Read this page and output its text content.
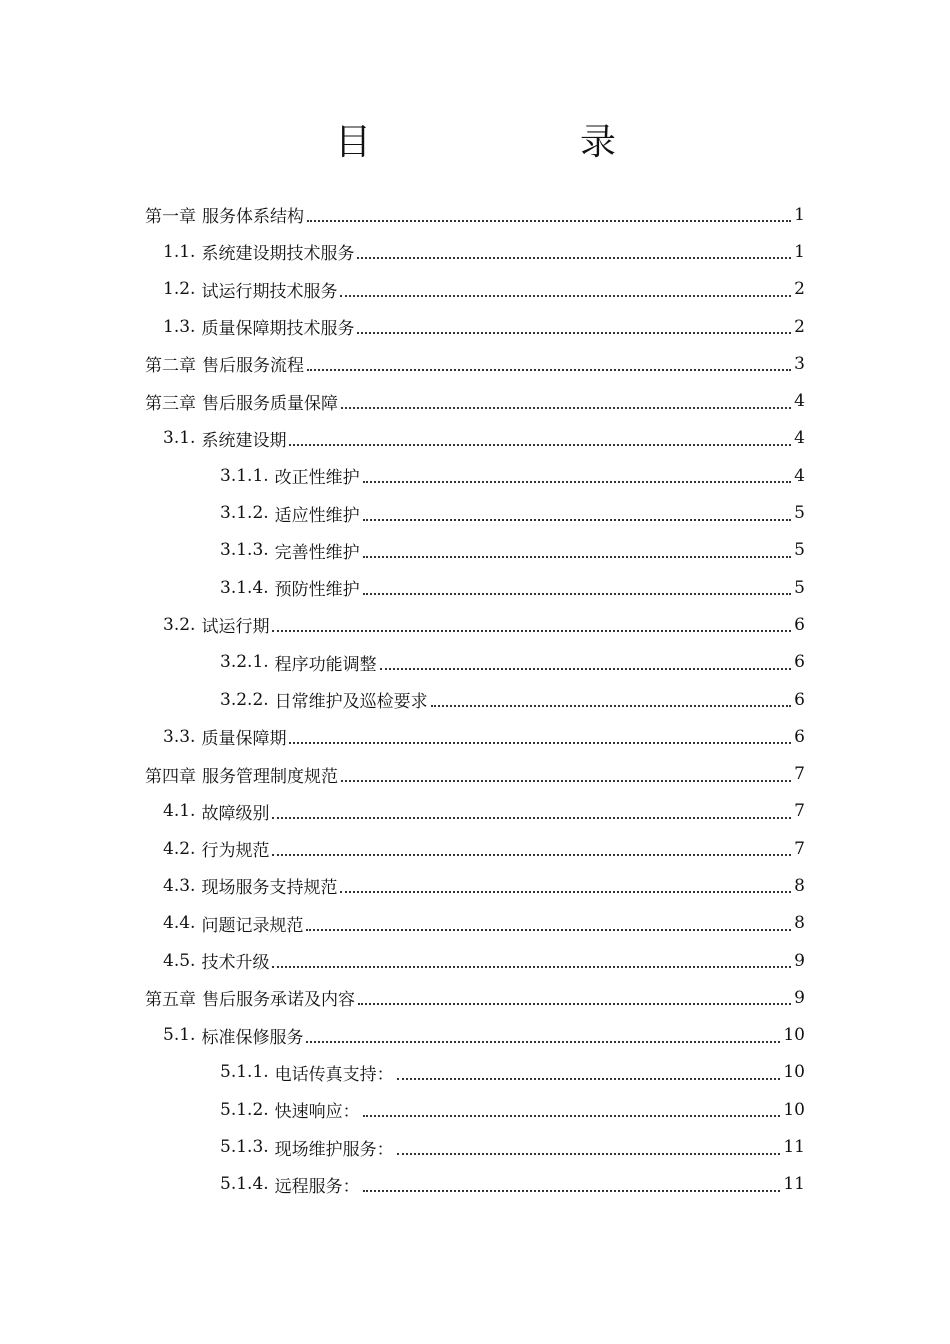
目	录
第一章 服务体系结构	1
1.1. 系统建设期技术服务	1
1.2. 试运行期技术服务	2
1.3. 质量保障期技术服务	2
第二章 售后服务流程	3
第三章 售后服务质量保障	4
3.1. 系统建设期	4
3.1.1. 改正性维护	4
3.1.2. 适应性维护	5
3.1.3. 完善性维护	5
3.1.4. 预防性维护	5
3.2. 试运行期	6
3.2.1. 程序功能调整	6
3.2.2. 日常维护及巡检要求	6
3.3. 质量保障期	6
第四章 服务管理制度规范	7
4.1. 故障级别	7
4.2. 行为规范	7
4.3. 现场服务支持规范	8
4.4. 问题记录规范	8
4.5. 技术升级	9
第五章 售后服务承诺及内容	9
5.1. 标准保修服务	10
5.1.1. 电话传真支持：	10
5.1.2. 快速响应：	10
5.1.3. 现场维护服务：	11
5.1.4. 远程服务：	11
